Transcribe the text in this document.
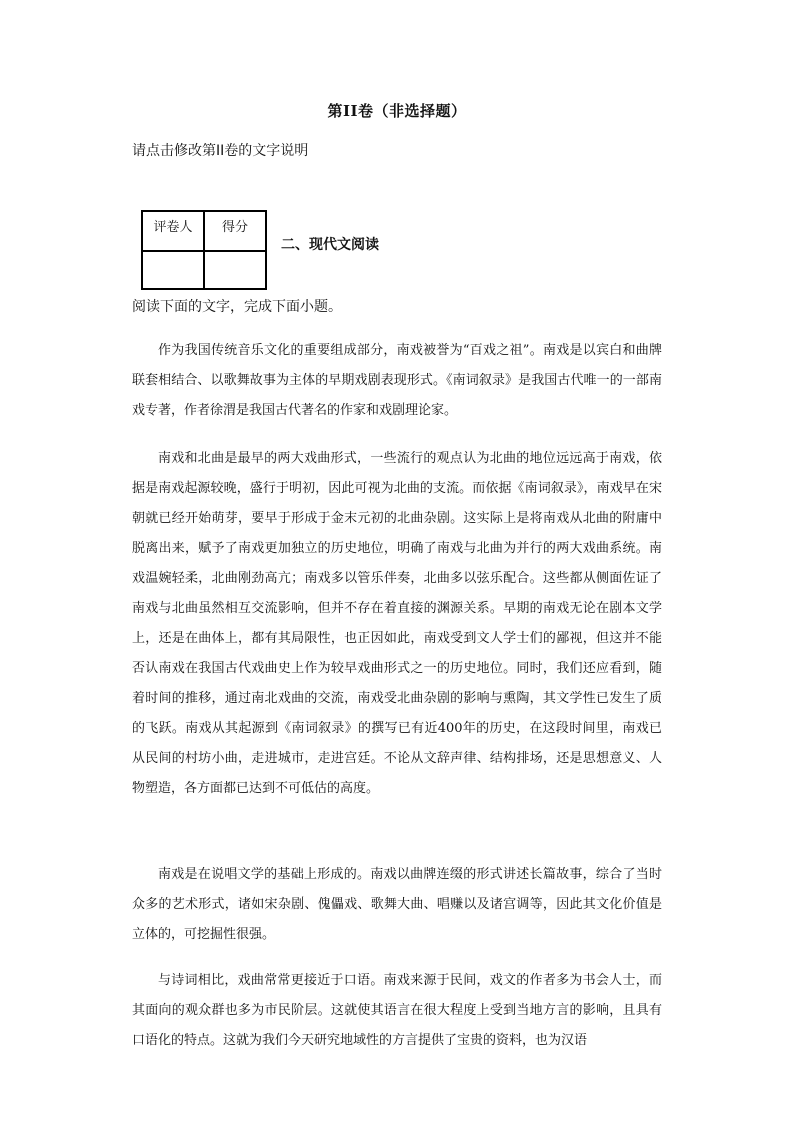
第II卷（非选择题）
请点击修改第II卷的文字说明
评卷人	得分

二、现代文阅读
阅读下面的文字，完成下面小题。

作为我国传统音乐文化的重要组成部分，南戏被誉为“百戏之祖”。南戏是以宾白和曲牌联套相结合、以歌舞故事为主体的早期戏剧表现形式。《南词叙录》是我国古代唯一的一部南戏专著，作者徐渭是我国古代著名的作家和戏剧理论家。

南戏和北曲是最早的两大戏曲形式，一些流行的观点认为北曲的地位远远高于南戏，依据是南戏起源较晚，盛行于明初，因此可视为北曲的支流。而依据《南词叙录》，南戏早在宋朝就已经开始萌芽，要早于形成于金末元初的北曲杂剧。这实际上是将南戏从北曲的附庸中脱离出来，赋予了南戏更加独立的历史地位，明确了南戏与北曲为并行的两大戏曲系统。南戏温婉轻柔，北曲刚劲高亢；南戏多以管乐伴奏，北曲多以弦乐配合。这些都从侧面佐证了南戏与北曲虽然相互交流影响，但并不存在着直接的渊源关系。早期的南戏无论在剧本文学上，还是在曲体上，都有其局限性，也正因如此，南戏受到文人学士们的鄙视，但这并不能否认南戏在我国古代戏曲史上作为较早戏曲形式之一的历史地位。同时，我们还应看到，随着时间的推移，通过南北戏曲的交流，南戏受北曲杂剧的影响与熏陶，其文学性已发生了质的飞跃。南戏从其起源到《南词叙录》的撰写已有近400年的历史，在这段时间里，南戏已从民间的村坊小曲，走进城市，走进宫廷。不论从文辞声律、结构排场，还是思想意义、人物塑造，各方面都已达到不可低估的高度。

南戏是在说唱文学的基础上形成的。南戏以曲牌连缀的形式讲述长篇故事，综合了当时众多的艺术形式，诸如宋杂剧、傀儡戏、歌舞大曲、唱赚以及诸宫调等，因此其文化价值是立体的，可挖掘性很强。

与诗词相比，戏曲常常更接近于口语。南戏来源于民间，戏文的作者多为书会人士，而其面向的观众群也多为市民阶层。这就使其语言在很大程度上受到当地方言的影响，且具有口语化的特点。这就为我们今天研究地域性的方言提供了宝贵的资料，也为汉语
